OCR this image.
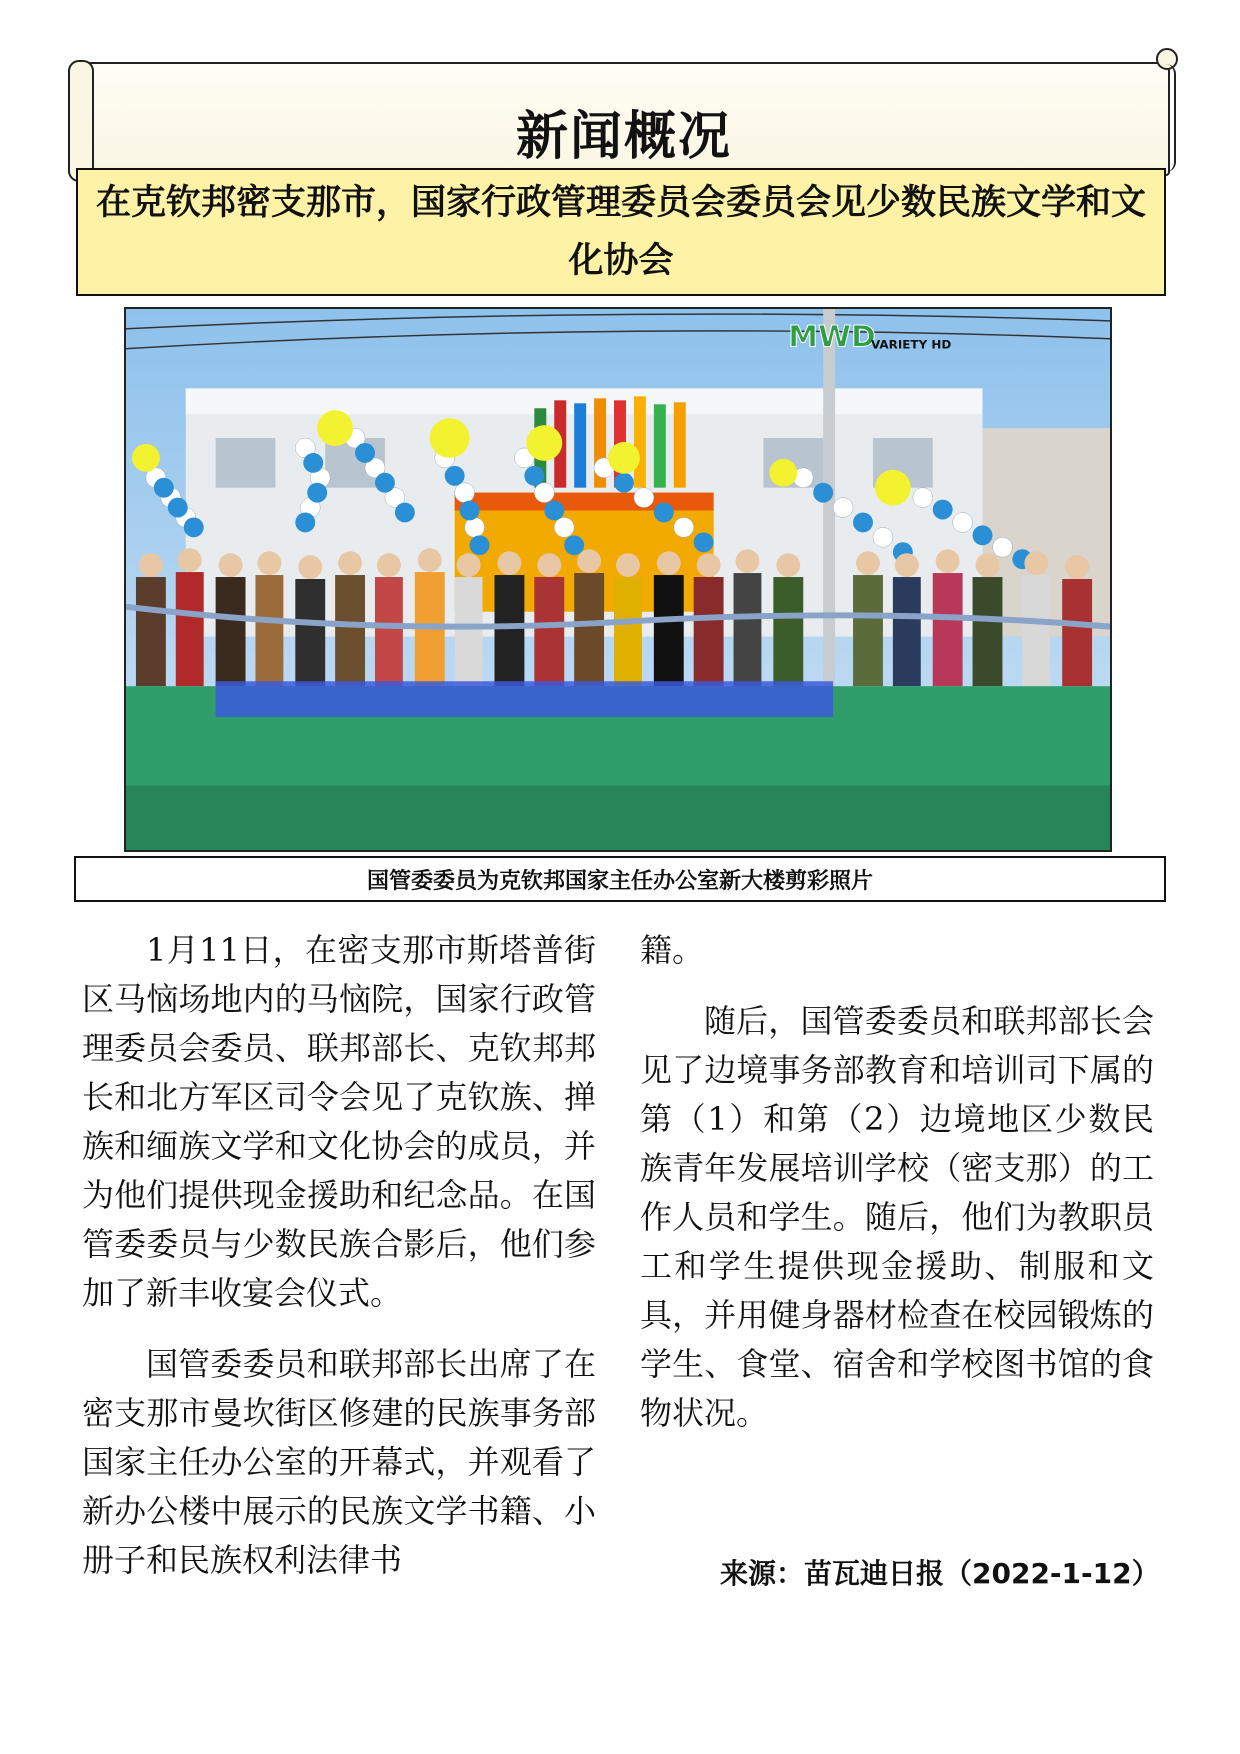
新闻概况
在克钦邦密支那市，国家行政管理委员会委员会见少数民族文学和文化协会
MWD
VARIETY HD
国管委委员为克钦邦国家主任办公室新大楼剪彩照片

1月11日，在密支那市斯塔普街区马恼场地内的马恼院，国家行政管理委员会委员、联邦部长、克钦邦邦长和北方军区司令会见了克钦族、掸族和缅族文学和文化协会的成员，并为他们提供现金援助和纪念品。在国管委委员与少数民族合影后，他们参加了新丰收宴会仪式。

国管委委员和联邦部长出席了在密支那市曼坎街区修建的民族事务部国家主任办公室的开幕式，并观看了新办公楼中展示的民族文学书籍、小册子和民族权利法律书

籍。

随后，国管委委员和联邦部长会见了边境事务部教育和培训司下属的第（1）和第（2）边境地区少数民族青年发展培训学校（密支那）的工作人员和学生。随后，他们为教职员工和学生提供现金援助、制服和文具，并用健身器材检查在校园锻炼的学生、食堂、宿舍和学校图书馆的食物状况。

来源：苗瓦迪日报（2022-1-12）
